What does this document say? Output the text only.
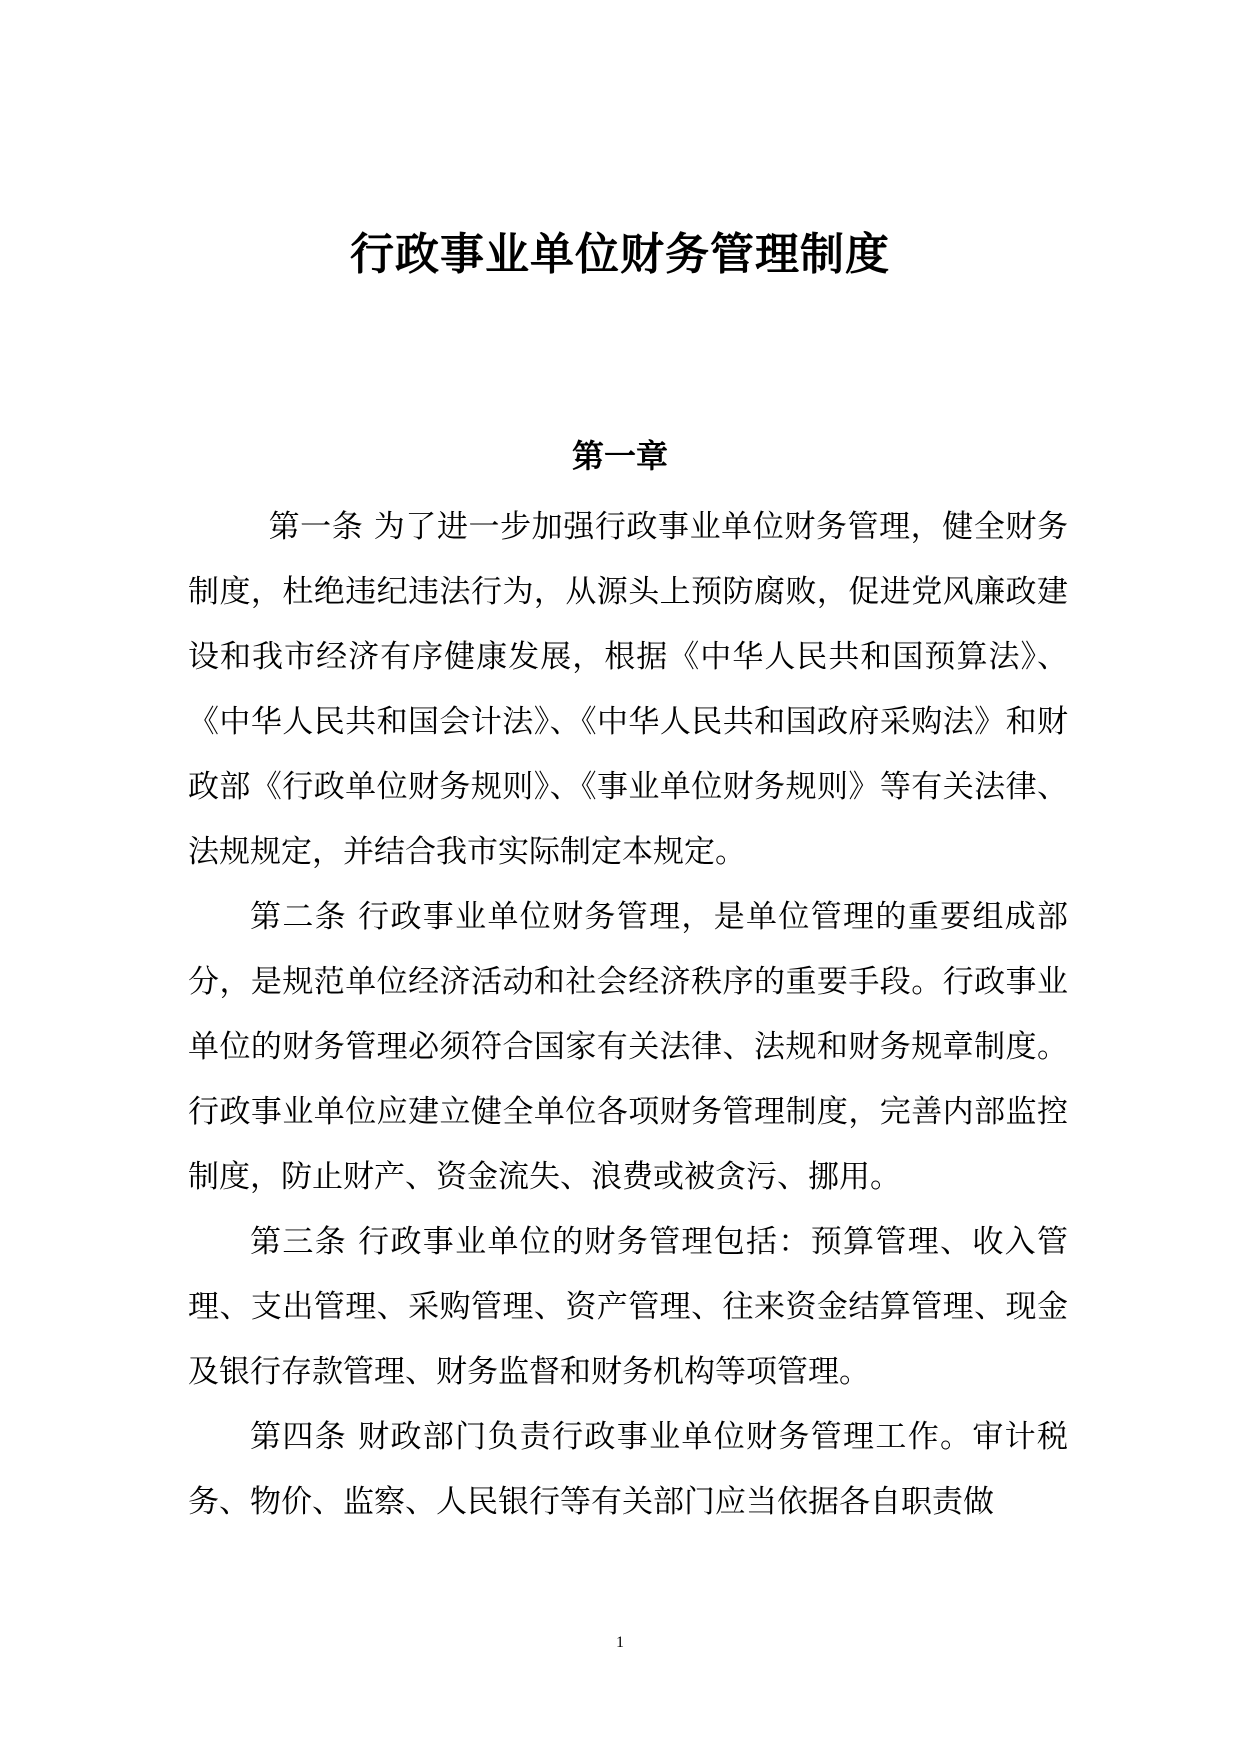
行政事业单位财务管理制度
第一章

第一条 为了进一步加强行政事业单位财务管理，健全财务制度，杜绝违纪违法行为，从源头上预防腐败，促进党风廉政建设和我市经济有序健康发展，根据《中华人民共和国预算法》、《中华人民共和国会计法》、《中华人民共和国政府采购法》和财政部《行政单位财务规则》、《事业单位财务规则》等有关法律、法规规定，并结合我市实际制定本规定。

第二条 行政事业单位财务管理，是单位管理的重要组成部分，是规范单位经济活动和社会经济秩序的重要手段。行政事业单位的财务管理必须符合国家有关法律、法规和财务规章制度。行政事业单位应建立健全单位各项财务管理制度，完善内部监控制度，防止财产、资金流失、浪费或被贪污、挪用。

第三条 行政事业单位的财务管理包括：预算管理、收入管理、支出管理、采购管理、资产管理、往来资金结算管理、现金及银行存款管理、财务监督和财务机构等项管理。

第四条 财政部门负责行政事业单位财务管理工作。审计税务、物价、监察、人民银行等有关部门应当依据各自职责做

1
